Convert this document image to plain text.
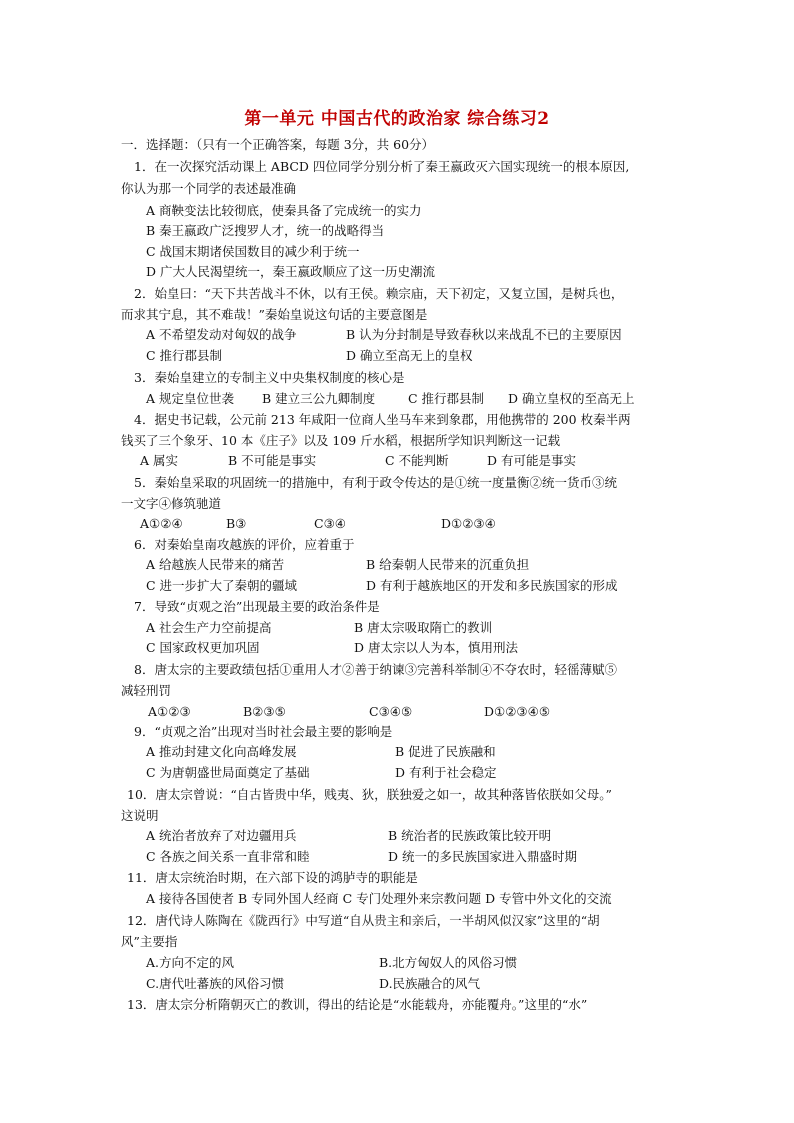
第一单元 中国古代的政治家 综合练习2
一．选择题：（只有一个正确答案，每题 3分，共 60分）
1．在一次探究活动课上 ABCD 四位同学分别分析了秦王嬴政灭六国实现统一的根本原因,
你认为那一个同学的表述最准确
A 商鞅变法比较彻底，使秦具备了完成统一的实力
B 秦王嬴政广泛搜罗人才，统一的战略得当
C 战国末期诸侯国数目的减少利于统一
D 广大人民渴望统一，秦王嬴政顺应了这一历史潮流
2．始皇曰：“天下共苦战斗不休，以有王侯。赖宗庙，天下初定，又复立国，是树兵也，
而求其宁息，其不难哉！”秦始皇说这句话的主要意图是
A 不希望发动对匈奴的战争	B 认为分封制是导致春秋以来战乱不已的主要原因
C 推行郡县制	D 确立至高无上的皇权
3．秦始皇建立的专制主义中央集权制度的核心是
A 规定皇位世袭 B 建立三公九卿制度	C 推行郡县制 D 确立皇权的至高无上
4．据史书记载，公元前 213 年咸阳一位商人坐马车来到象郡，用他携带的 200 枚秦半两
钱买了三个象牙、10 本《庄子》以及 109 斤水稻，根据所学知识判断这一记载
A 属实	B 不可能是事实	C 不能判断	D 有可能是事实
5．秦始皇采取的巩固统一的措施中，有利于政令传达的是①统一度量衡②统一货币③统
一文字④修筑驰道
A①②④	B③	C③④	D①②③④
6．对秦始皇南攻越族的评价，应着重于
A 给越族人民带来的痛苦	B 给秦朝人民带来的沉重负担
C 进一步扩大了秦朝的疆域	D 有利于越族地区的开发和多民族国家的形成
7．导致“贞观之治”出现最主要的政治条件是
A 社会生产力空前提高	B 唐太宗吸取隋亡的教训
C 国家政权更加巩固	D 唐太宗以人为本，慎用刑法
8．唐太宗的主要政绩包括①重用人才②善于纳谏③完善科举制④不夺农时，轻徭薄赋⑤
减轻刑罚
A①②③	B②③⑤	C③④⑤	D①②③④⑤
9．“贞观之治”出现对当时社会最主要的影响是
A 推动封建文化向高峰发展	B 促进了民族融和
C 为唐朝盛世局面奠定了基础	D 有利于社会稳定
10．唐太宗曾说：“自古皆贵中华，贱夷、狄，朕独爱之如一，故其种落皆依朕如父母。”
这说明
A 统治者放弃了对边疆用兵	B 统治者的民族政策比较开明
C 各族之间关系一直非常和睦	D 统一的多民族国家进入鼎盛时期
11．唐太宗统治时期，在六部下设的鸿胪寺的职能是
A 接待各国使者 B 专同外国人经商 C 专门处理外来宗教问题 D 专管中外文化的交流
12．唐代诗人陈陶在《陇西行》中写道“自从贵主和亲后，一半胡风似汉家”这里的“胡
风”主要指
A.方向不定的风	B.北方匈奴人的风俗习惯
C.唐代吐蕃族的风俗习惯	D.民族融合的风气
13．唐太宗分析隋朝灭亡的教训，得出的结论是“水能载舟，亦能覆舟。”这里的“水”
